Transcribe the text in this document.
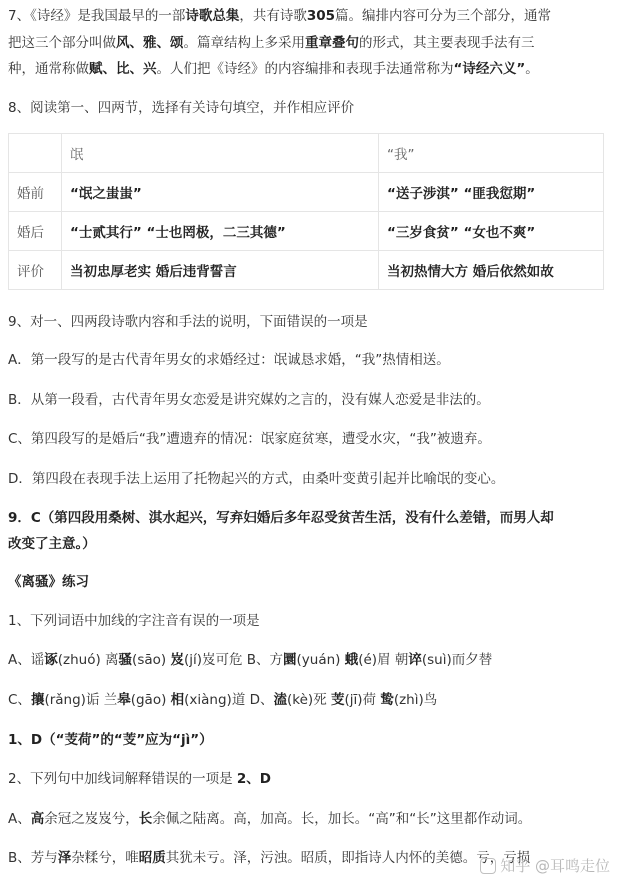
7、《诗经》是我国最早的一部诗歌总集，共有诗歌305篇。编排内容可分为三个部分，通常
把这三个部分叫做风、雅、颂。篇章结构上多采用重章叠句的形式，其主要表现手法有三
种，通常称做赋、比、兴。人们把《诗经》的内容编排和表现手法通常称为“诗经六义”。
8、阅读第一、四两节，选择有关诗句填空，并作相应评价
	氓	“我”
婚前	“氓之蚩蚩”	“送子涉淇” “匪我愆期”
婚后	“士贰其行” “士也罔极，二三其德”	“三岁食贫” “女也不爽”
评价	当初忠厚老实 婚后违背誓言	当初热情大方 婚后依然如故
9、对一、四两段诗歌内容和手法的说明，下面错误的一项是
A．第一段写的是古代青年男女的求婚经过：氓诚恳求婚，“我”热情相送。
B．从第一段看，古代青年男女恋爱是讲究媒妁之言的，没有媒人恋爱是非法的。
C、第四段写的是婚后“我”遭遗弃的情况：氓家庭贫寒，遭受水灾，“我”被遗弃。
D．第四段在表现手法上运用了托物起兴的方式，由桑叶变黄引起并比喻氓的变心。
9．C（第四段用桑树、淇水起兴，写弃妇婚后多年忍受贫苦生活，没有什么差错，而男人却
改变了主意。）
《离骚》练习
1、下列词语中加线的字注音有误的一项是
A、谣诼(zhuó) 离骚(sāo) 岌(jí)岌可危 B、方圜(yuán) 蛾(é)眉 朝谇(suì)而夕替
C、攘(rǎng)诟 兰皋(gāo) 相(xiàng)道 D、溘(kè)死 芰(jī)荷 鸷(zhì)鸟
1、D（“芰荷”的“芰”应为“jì”）
2、下列句中加线词解释错误的一项是 2、D
A、高余冠之岌岌兮，长余佩之陆离。高，加高。长，加长。“高”和“长”这里都作动词。
B、芳与泽杂糅兮，唯昭质其犹未亏。泽，污浊。昭质，即指诗人内怀的美德。亏，亏损
知乎 @耳鸣走位
